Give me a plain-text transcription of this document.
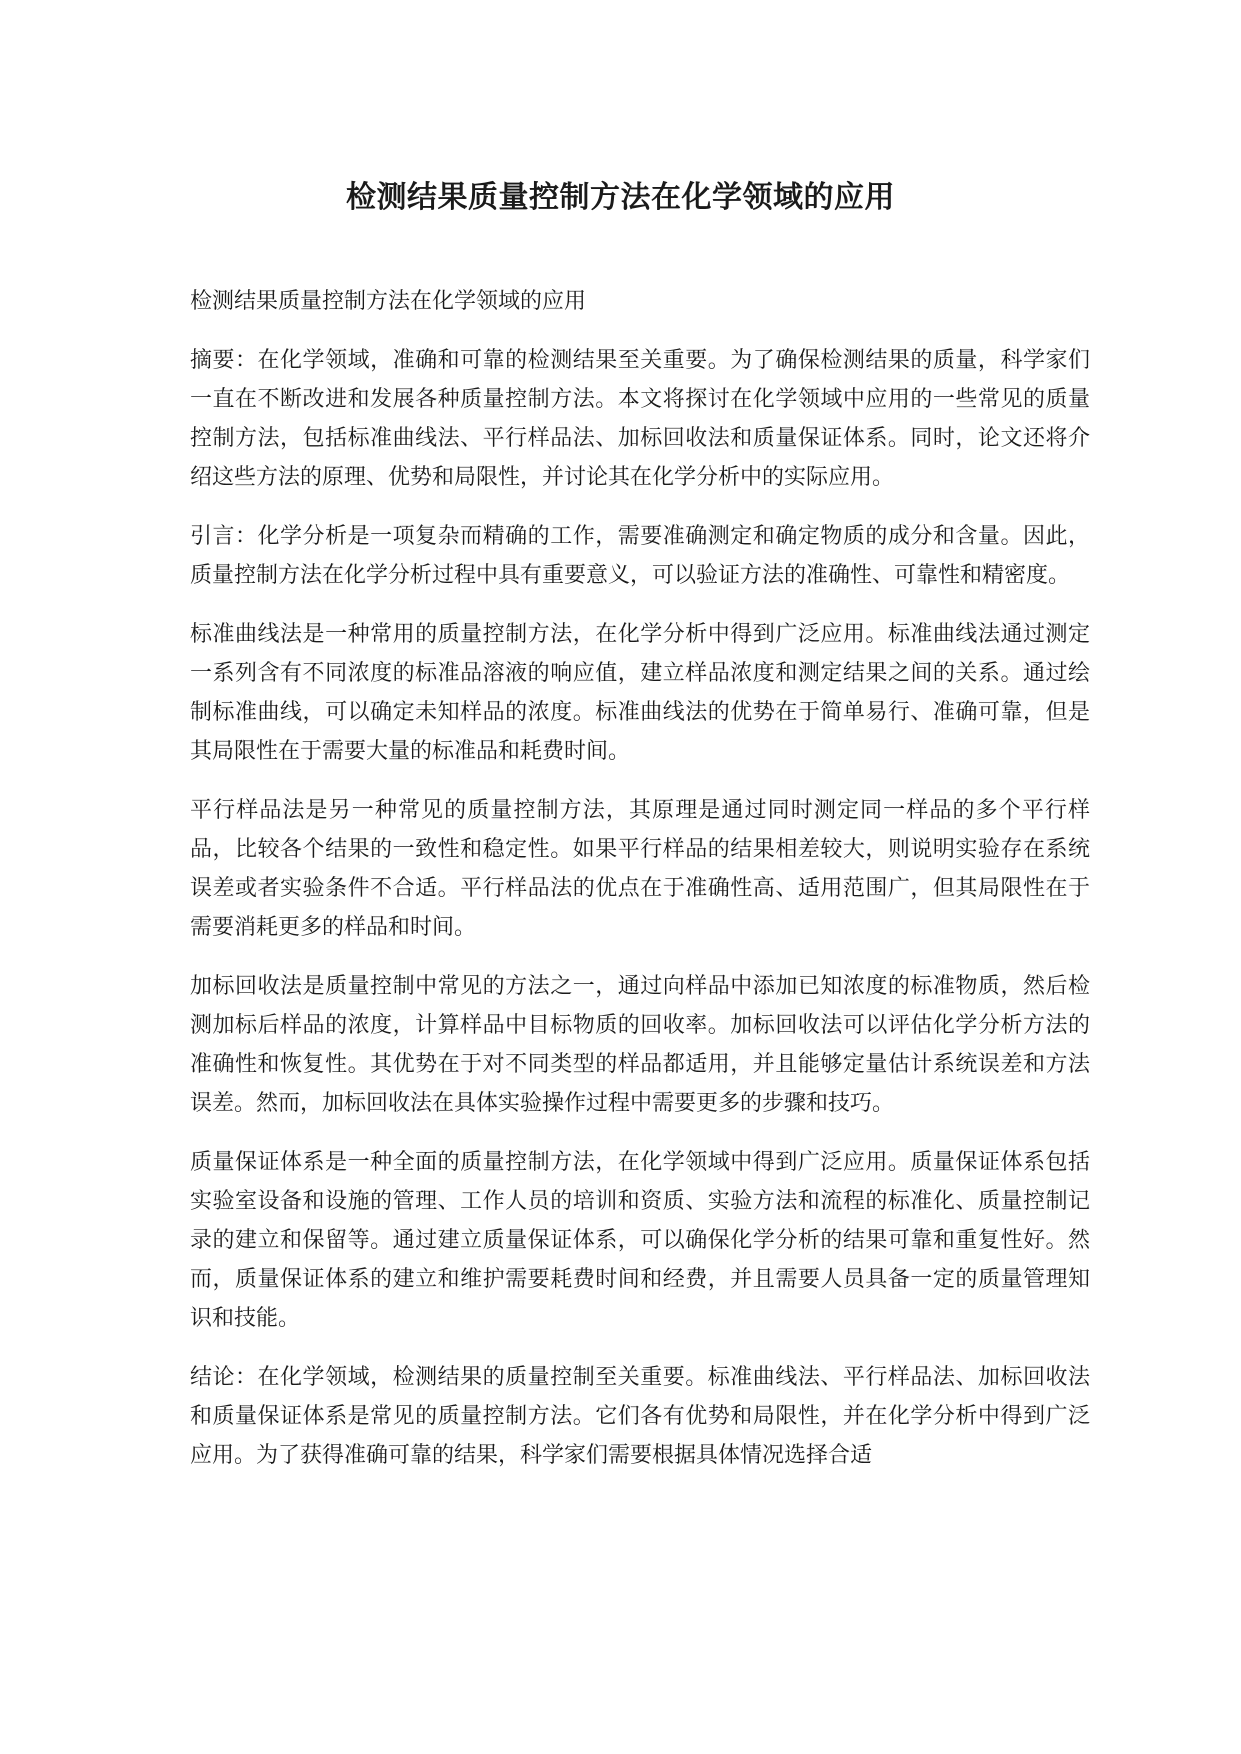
检测结果质量控制方法在化学领域的应用

检测结果质量控制方法在化学领域的应用

摘要：在化学领域，准确和可靠的检测结果至关重要。为了确保检测结果的质量，科学家们一直在不断改进和发展各种质量控制方法。本文将探讨在化学领域中应用的一些常见的质量控制方法，包括标准曲线法、平行样品法、加标回收法和质量保证体系。同时，论文还将介绍这些方法的原理、优势和局限性，并讨论其在化学分析中的实际应用。

引言：化学分析是一项复杂而精确的工作，需要准确测定和确定物质的成分和含量。因此，质量控制方法在化学分析过程中具有重要意义，可以验证方法的准确性、可靠性和精密度。

标准曲线法是一种常用的质量控制方法，在化学分析中得到广泛应用。标准曲线法通过测定一系列含有不同浓度的标准品溶液的响应值，建立样品浓度和测定结果之间的关系。通过绘制标准曲线，可以确定未知样品的浓度。标准曲线法的优势在于简单易行、准确可靠，但是其局限性在于需要大量的标准品和耗费时间。

平行样品法是另一种常见的质量控制方法，其原理是通过同时测定同一样品的多个平行样品，比较各个结果的一致性和稳定性。如果平行样品的结果相差较大，则说明实验存在系统误差或者实验条件不合适。平行样品法的优点在于准确性高、适用范围广，但其局限性在于需要消耗更多的样品和时间。

加标回收法是质量控制中常见的方法之一，通过向样品中添加已知浓度的标准物质，然后检测加标后样品的浓度，计算样品中目标物质的回收率。加标回收法可以评估化学分析方法的准确性和恢复性。其优势在于对不同类型的样品都适用，并且能够定量估计系统误差和方法误差。然而，加标回收法在具体实验操作过程中需要更多的步骤和技巧。

质量保证体系是一种全面的质量控制方法，在化学领域中得到广泛应用。质量保证体系包括实验室设备和设施的管理、工作人员的培训和资质、实验方法和流程的标准化、质量控制记录的建立和保留等。通过建立质量保证体系，可以确保化学分析的结果可靠和重复性好。然而，质量保证体系的建立和维护需要耗费时间和经费，并且需要人员具备一定的质量管理知识和技能。

结论：在化学领域，检测结果的质量控制至关重要。标准曲线法、平行样品法、加标回收法和质量保证体系是常见的质量控制方法。它们各有优势和局限性，并在化学分析中得到广泛应用。为了获得准确可靠的结果，科学家们需要根据具体情况选择合适
